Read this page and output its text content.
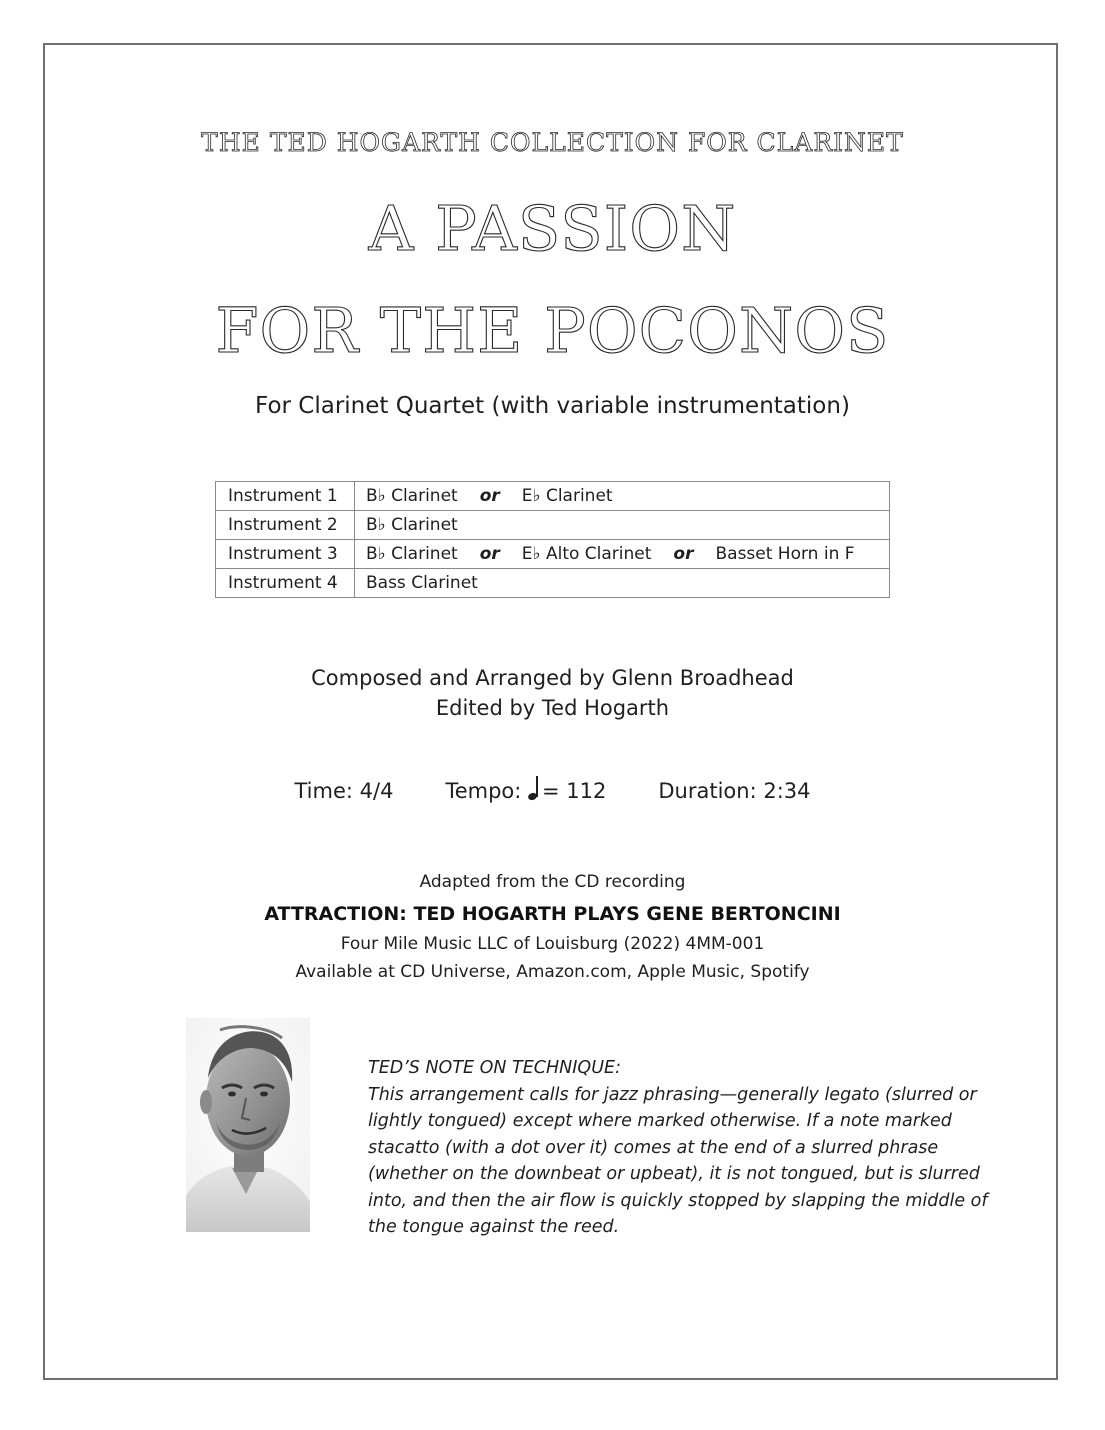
THE TED HOGARTH COLLECTION FOR CLARINET
A PASSION
FOR THE POCONOS
For Clarinet Quartet (with variable instrumentation)
Instrument 1	B♭ Clarinet or E♭ Clarinet
Instrument 2	B♭ Clarinet
Instrument 3	B♭ Clarinet or E♭ Alto Clarinet or Basset Horn in F
Instrument 4	Bass Clarinet
Composed and Arranged by Glenn Broadhead
Edited by Ted Hogarth
Time: 4/4 Tempo: = 112 Duration: 2:34
Adapted from the CD recording
ATTRACTION: TED HOGARTH PLAYS GENE BERTONCINI
Four Mile Music LLC of Louisburg (2022) 4MM-001
Available at CD Universe, Amazon.com, Apple Music, Spotify
TED’S NOTE ON TECHNIQUE:
This arrangement calls for jazz phrasing—generally legato (slurred or lightly tongued) except where marked otherwise. If a note marked stacatto (with a dot over it) comes at the end of a slurred phrase (whether on the downbeat or upbeat), it is not tongued, but is slurred into, and then the air flow is quickly stopped by slapping the middle of the tongue against the reed.
